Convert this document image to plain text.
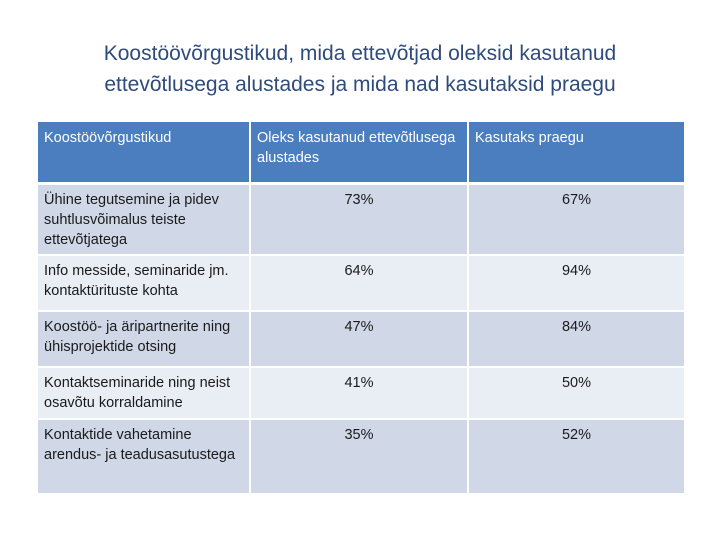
Koostöövõrgustikud, mida ettevõtjad oleksid kasutanud
ettevõtlusega alustades ja mida nad kasutaksid praegu
Koostöövõrgustikud	Oleks kasutanud ettevõtlusega alustades	Kasutaks praegu
Ühine tegutsemine ja pidev suhtlusvõimalus teiste ettevõtjatega	73%	67%
Info messide, seminaride jm. kontaktürituste kohta	64%	94%
Koostöö- ja äripartnerite ning ühisprojektide otsing	47%	84%
Kontaktseminaride ning neist osavõtu korraldamine	41%	50%
Kontaktide vahetamine arendus- ja teadusasutustega	35%	52%
